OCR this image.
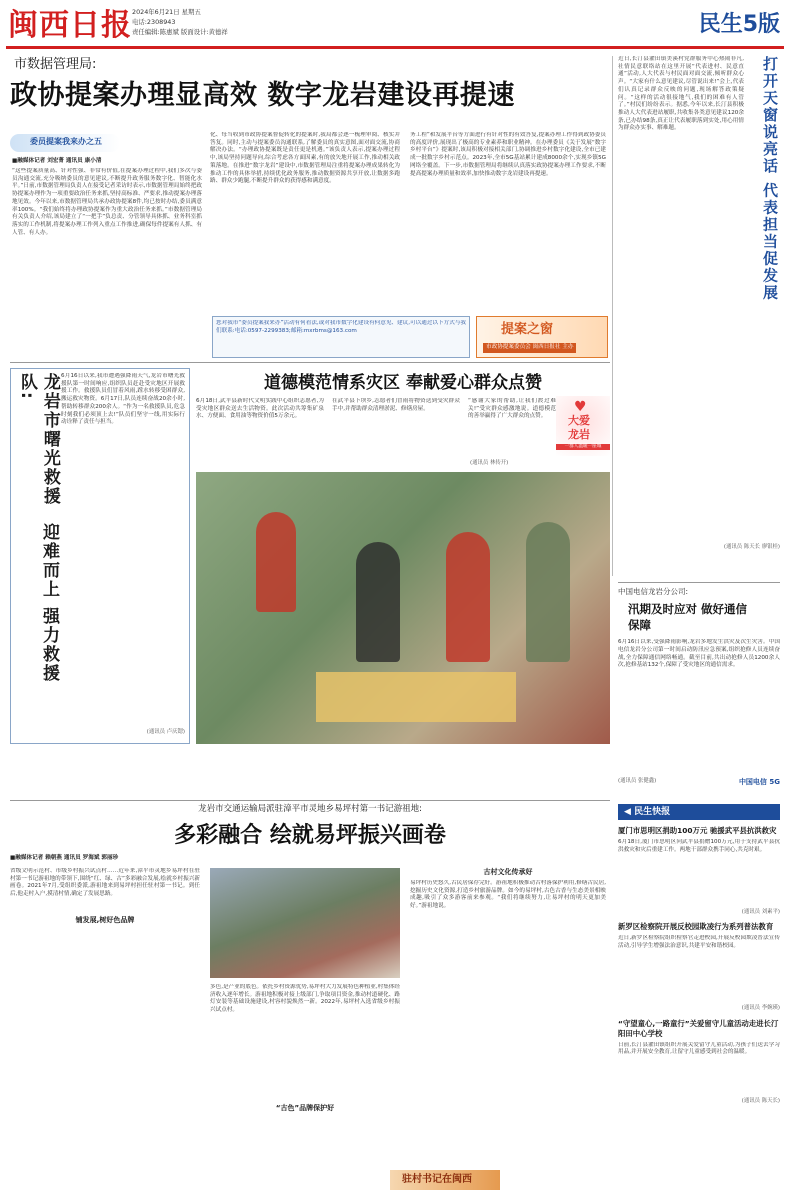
闽西日报 2024年6月21日 星期五
电话:2308943
责任编辑:陈惠斌 版面设计:黄德祥	民生5版
市数据管理局:
政协提案办理显高效 数字龙岩建设再提速
委员提案我来办之五
■融媒体记者 刘宏菁 通讯员 康小清
“这些提案质量高、针对性强、非常有价值,在提案办理过程中,我们多次与委员沟通交流,充分吸纳委员的意见建议,不断提升政务服务数字化、智能化水平。”日前,市数据管理局负责人在接受记者采访时表示,市数据管理局始终把政协提案办理作为一项重要政治任务来抓,坚持高标准、严要求,推动提案办理落地见效。今年以来,市数据管理局共承办政协提案8件,均已按时办结,委员满意率100%。“我们始终将办理政协提案作为重大政治任务来抓。”市数据管理局有关负责人介绍,该局建立了“一把手”负总责、分管领导具体抓、业务科室抓落实的工作机制,将提案办理工作列入重点工作推进,确保每件提案有人抓、有人管、有人办。
化、每当收到市政协提案督促转化的提案时,我局都会逐一梳理审阅、核实并答复。同时,主动与提案委员沟通联系,了解委员的真实意图,面对面交流,协商解决办法。“办理政协提案既是责任更是机遇。”该负责人表示,提案办理过程中,该局坚持问题导向,综合考虑各方面因素,有的放矢地开展工作,推动相关政策落地。在推进“数字龙岩”建设中,市数据管理局注重将提案办理成果转化为推动工作的具体举措,持续优化政务服务,推动数据资源共享开放,让数据多跑路、群众少跑腿,不断提升群众的获得感和满意度。
务工程”和发展平台等方面进行有针对性的有效答复,提案办理工作得到政协委员的高度评价,展现出了极高的专业素养和职业精神。在办理委员《关于发展“数字乡村平台”》提案时,该局积极对接相关部门,协调推进乡村数字化建设,全市已建成一批数字乡村示范点。2023年,全市5G基站累计建成8000余个,实现乡镇5G网络全覆盖。下一步,市数据管理局将继续认真落实政协提案办理工作要求,不断提高提案办理质量和效率,加快推动数字龙岩建设再提速。	打开天窗说亮话 代表担当促发展
近日,长汀县濯田镇美溪村党群服务中心热闹非凡,社情民意联络站在这里开展“代表进村、民意直通”活动,人大代表与村民面对面交流,倾听群众心声。“大家有什么意见建议,尽管说出来!”会上,代表们认真记录群众反映的问题,现场解答政策疑问。“这样的活动很接地气,我们的困难有人管了。”村民们纷纷表示。据悉,今年以来,长汀县积极推动人大代表进站履职,共收集各类意见建议120余条,已办结98条,真正让代表履职落到实处,用心用情为群众办实事、解难题。
(通讯员 陈天长 廖银桂)
您对我市“委员提案我来办”活动有何看法,或对我市数字化建设有何意见、建议,可以通过以下方式与我们联系:电话:0597-2299383;邮箱:mxrbms@163.com	提案之窗
市政协提案委员会 闽西日报社 主办
龙岩市曙光救援队:
迎难而上 强力救援
6月16日以来,我市遭遇强降雨天气,龙岩市曙光救援队第一时间响应,组织队员赶赴受灾地区开展救援工作。救援队员们冒着风雨,蹚水转移受困群众,搬运救灾物资。6月17日,队员连续奋战20余小时,帮助转移群众200余人。“作为一名救援队员,危急时刻我们必须顶上去!”队员们坚守一线,用实际行动诠释了责任与担当。
(通讯员 卢庆锶)
道德模范情系灾区 奉献爱心群众点赞
6月18日,武平县新时代文明实践中心组织志愿者,为受灾地区群众送去生活物资。此次活动共筹集矿泉水、方便面、食用油等物资价值5万余元。
在武平县下坝乡,志愿者们冒雨将物资送到受灾群众手中,并帮助群众清理淤泥、修缮房屋。
“感谢大家的帮助,让我们渡过难关!”受灾群众感激地说。道德模范的善举赢得了广大群众的点赞。
♥
大爱
龙岩
一群人温暖一座城
(通讯员 林传开)
中国电信龙岩分公司:
汛期及时应对 做好通信保障
6月16日以来,受强降雨影响,龙岩多地发生洪灾及次生灾害。中国电信龙岩分公司第一时间启动防汛应急预案,组织抢修人员连续奋战,全力保障通信网络畅通。截至目前,共出动抢修人员1200余人次,抢修基站132个,保障了受灾地区的通信需求。
中国电信 5G
(通讯员 张健鑫)
龙岩市交通运输局派驻漳平市灵地乡易坪村第一书记游祖地:
多彩融合 绘就易坪振兴画卷
■融媒体记者 赖朝燕 通讯员 罗海斌 郭丽珍
省级文明示范村、市级乡村振兴试点村……近年来,漳平市灵地乡易坪村在驻村第一书记游祖地的带领下,围绕“红、绿、古”多彩融合发展,绘就乡村振兴新画卷。2021年7月,受组织委派,游祖地来到易坪村担任驻村第一书记。到任后,他走村入户,摸清村情,确定了发展思路。
铺发展,树好色品牌
多色,是产业的底色。依托乡村资源优势,易坪村大力发展特色种植业,村集体经济收入逐年增长。游祖地积极对接上级部门,争取项目资金,推动村道硬化、路灯安装等基础设施建设,村容村貌焕然一新。2022年,易坪村入选省级乡村振兴试点村。
“古色”品牌保护好
古村文化传承好
易坪村历史悠久,古民居保存完好。游祖地积极推动古村落保护利用,修缮古民居,挖掘历史文化资源,打造乡村旅游品牌。如今的易坪村,古色古香与生态美景相映成趣,吸引了众多游客前来参观。“我们将继续努力,让易坪村的明天更加美好。”游祖地说。
驻村书记在闽西
◀ 民生快报
厦门市思明区捐助100万元 驰援武平县抗洪救灾
6月18日,厦门市思明区向武平县捐赠100万元,用于支持武平县抗洪救灾和灾后重建工作。两地干部群众携手同心,共克时艰。
(通讯员 刘素平)
新罗区检察院开展反校园欺凌行为系列普法教育
近日,新罗区检察院组织检察官走进校园,开展反校园欺凌普法宣传活动,引导学生增强法治意识,共建平安和谐校园。
(通讯员 李婉瑛)
“守望童心,一路童行”关爱留守儿童活动走进长汀阳田中心学校
日前,长汀县濯田镇组织开展关爱留守儿童活动,为孩子们送去学习用品,并开展安全教育,让留守儿童感受到社会的温暖。
(通讯员 陈天长)
